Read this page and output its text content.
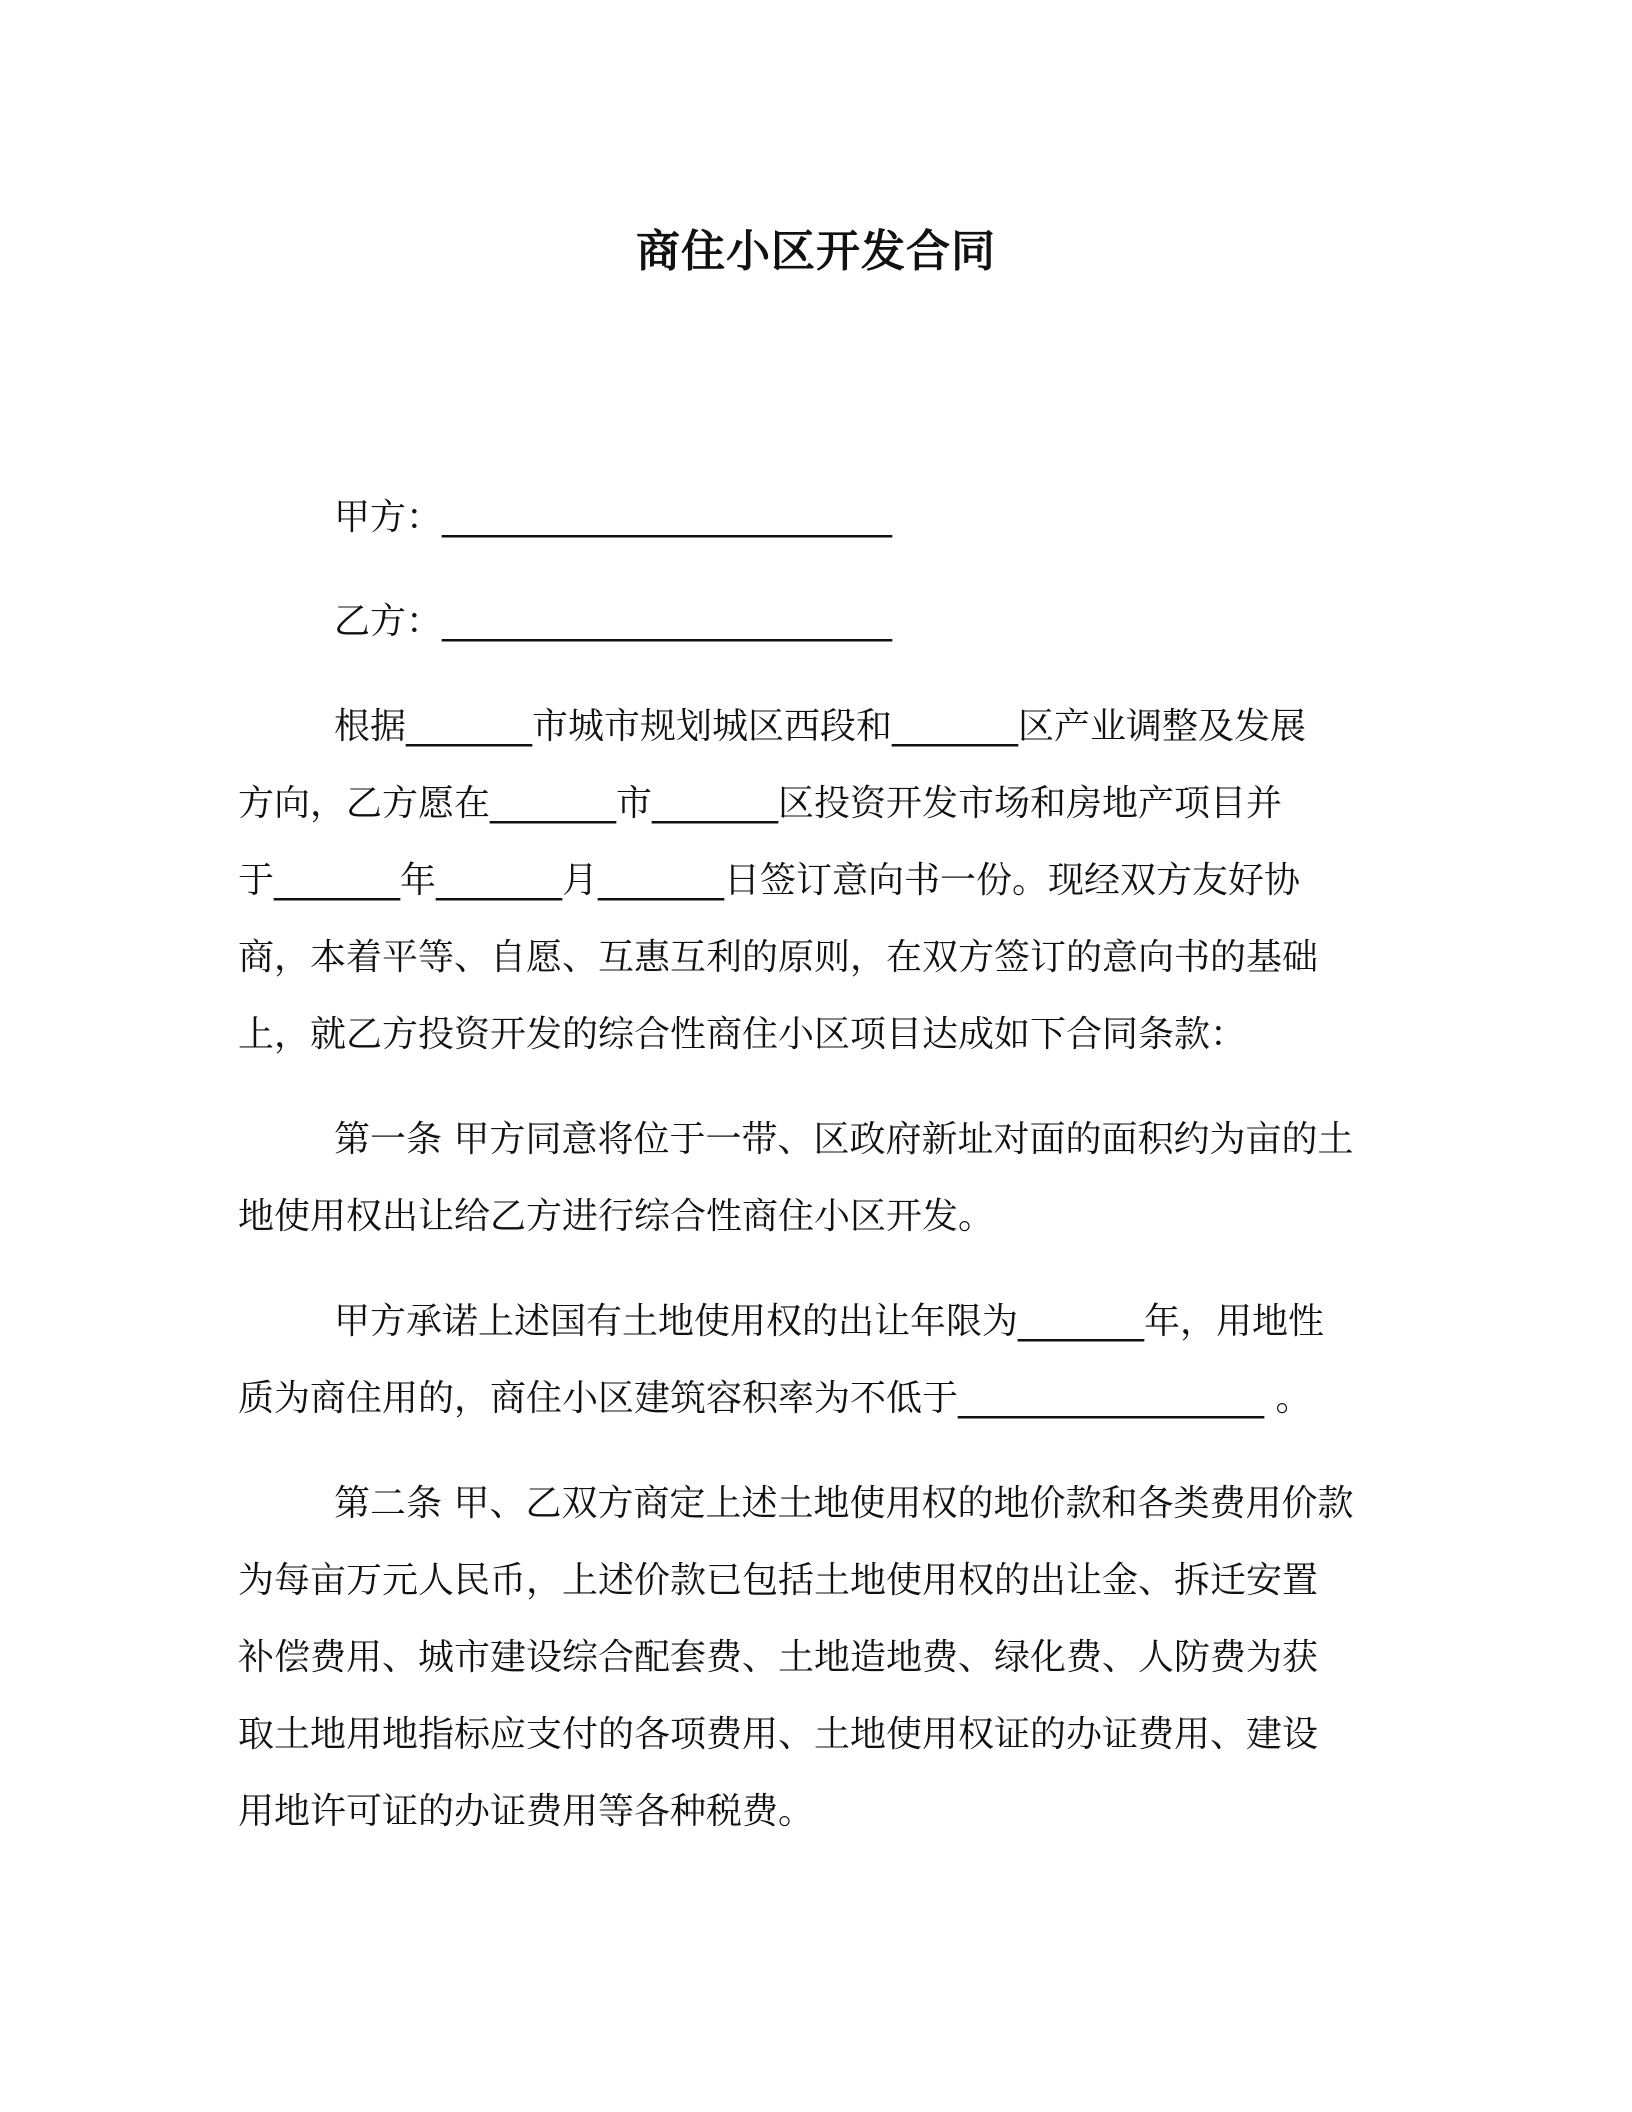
商住小区开发合同
甲方：_________________________
乙方：_________________________
根据_______市城市规划城区西段和_______区产业调整及发展
方向，乙方愿在_______市_______区投资开发市场和房地产项目并
于_______年_______月_______日签订意向书一份。现经双方友好协
商，本着平等、自愿、互惠互利的原则，在双方签订的意向书的基础
上，就乙方投资开发的综合性商住小区项目达成如下合同条款：
第一条 甲方同意将位于一带、区政府新址对面的面积约为亩的土
地使用权出让给乙方进行综合性商住小区开发。
甲方承诺上述国有土地使用权的出让年限为_______年，用地性
质为商住用的，商住小区建筑容积率为不低于_________________ 。
第二条 甲、乙双方商定上述土地使用权的地价款和各类费用价款
为每亩万元人民币，上述价款已包括土地使用权的出让金、拆迁安置
补偿费用、城市建设综合配套费、土地造地费、绿化费、人防费为获
取土地用地指标应支付的各项费用、土地使用权证的办证费用、建设
用地许可证的办证费用等各种税费。
